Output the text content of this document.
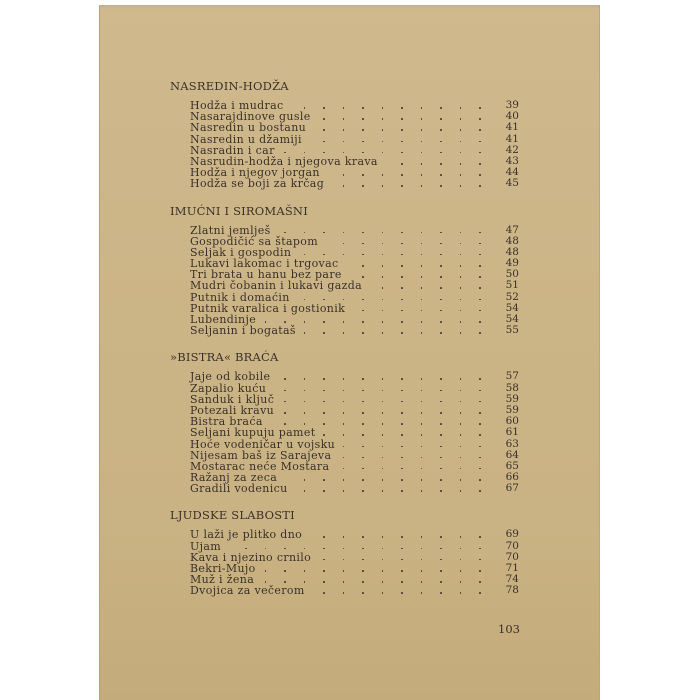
NASREDIN-HODŽA
Hodža i mudrac	39
Nasarajdinove gusle	40
Nasredin u bostanu	41
Nasredin u džamiji	41
Nasradin i car	42
Nasrudin-hodža i njegova krava	43
Hodža i njegov jorgan	44
Hodža se boji za krčag	45
IMUĆNI I SIROMAŠNI
Zlatni jemlješ	47
Gospodičić sa štapom	48
Seljak i gospodin	48
Lukavi lakomac i trgovac	49
Tri brata u hanu bez pare	50
Mudri čobanin i lukavi gazda	51
Putnik i domaćin	52
Putnik varalica i gostionik	54
Lubendinje	54
Seljanin i bogataš	55
»BISTRA« BRAĆA
Jaje od kobile	57
Zapalio kuću	58
Sanduk i ključ	59
Potezali kravu	59
Bistra braća	60
Seljani kupuju pamet	61
Hoće vodeničar u vojsku	63
Nijesam baš iz Sarajeva	64
Mostarac neće Mostara	65
Ražanj za zeca	66
Gradili vodenicu	67
LJUDSKE SLABOSTI
U laži je plitko dno	69
Ujam	70
Kava i njezino crnilo	70
Bekri-Mujo	71
Muž i žena	74
Dvojica za večerom	78
103
